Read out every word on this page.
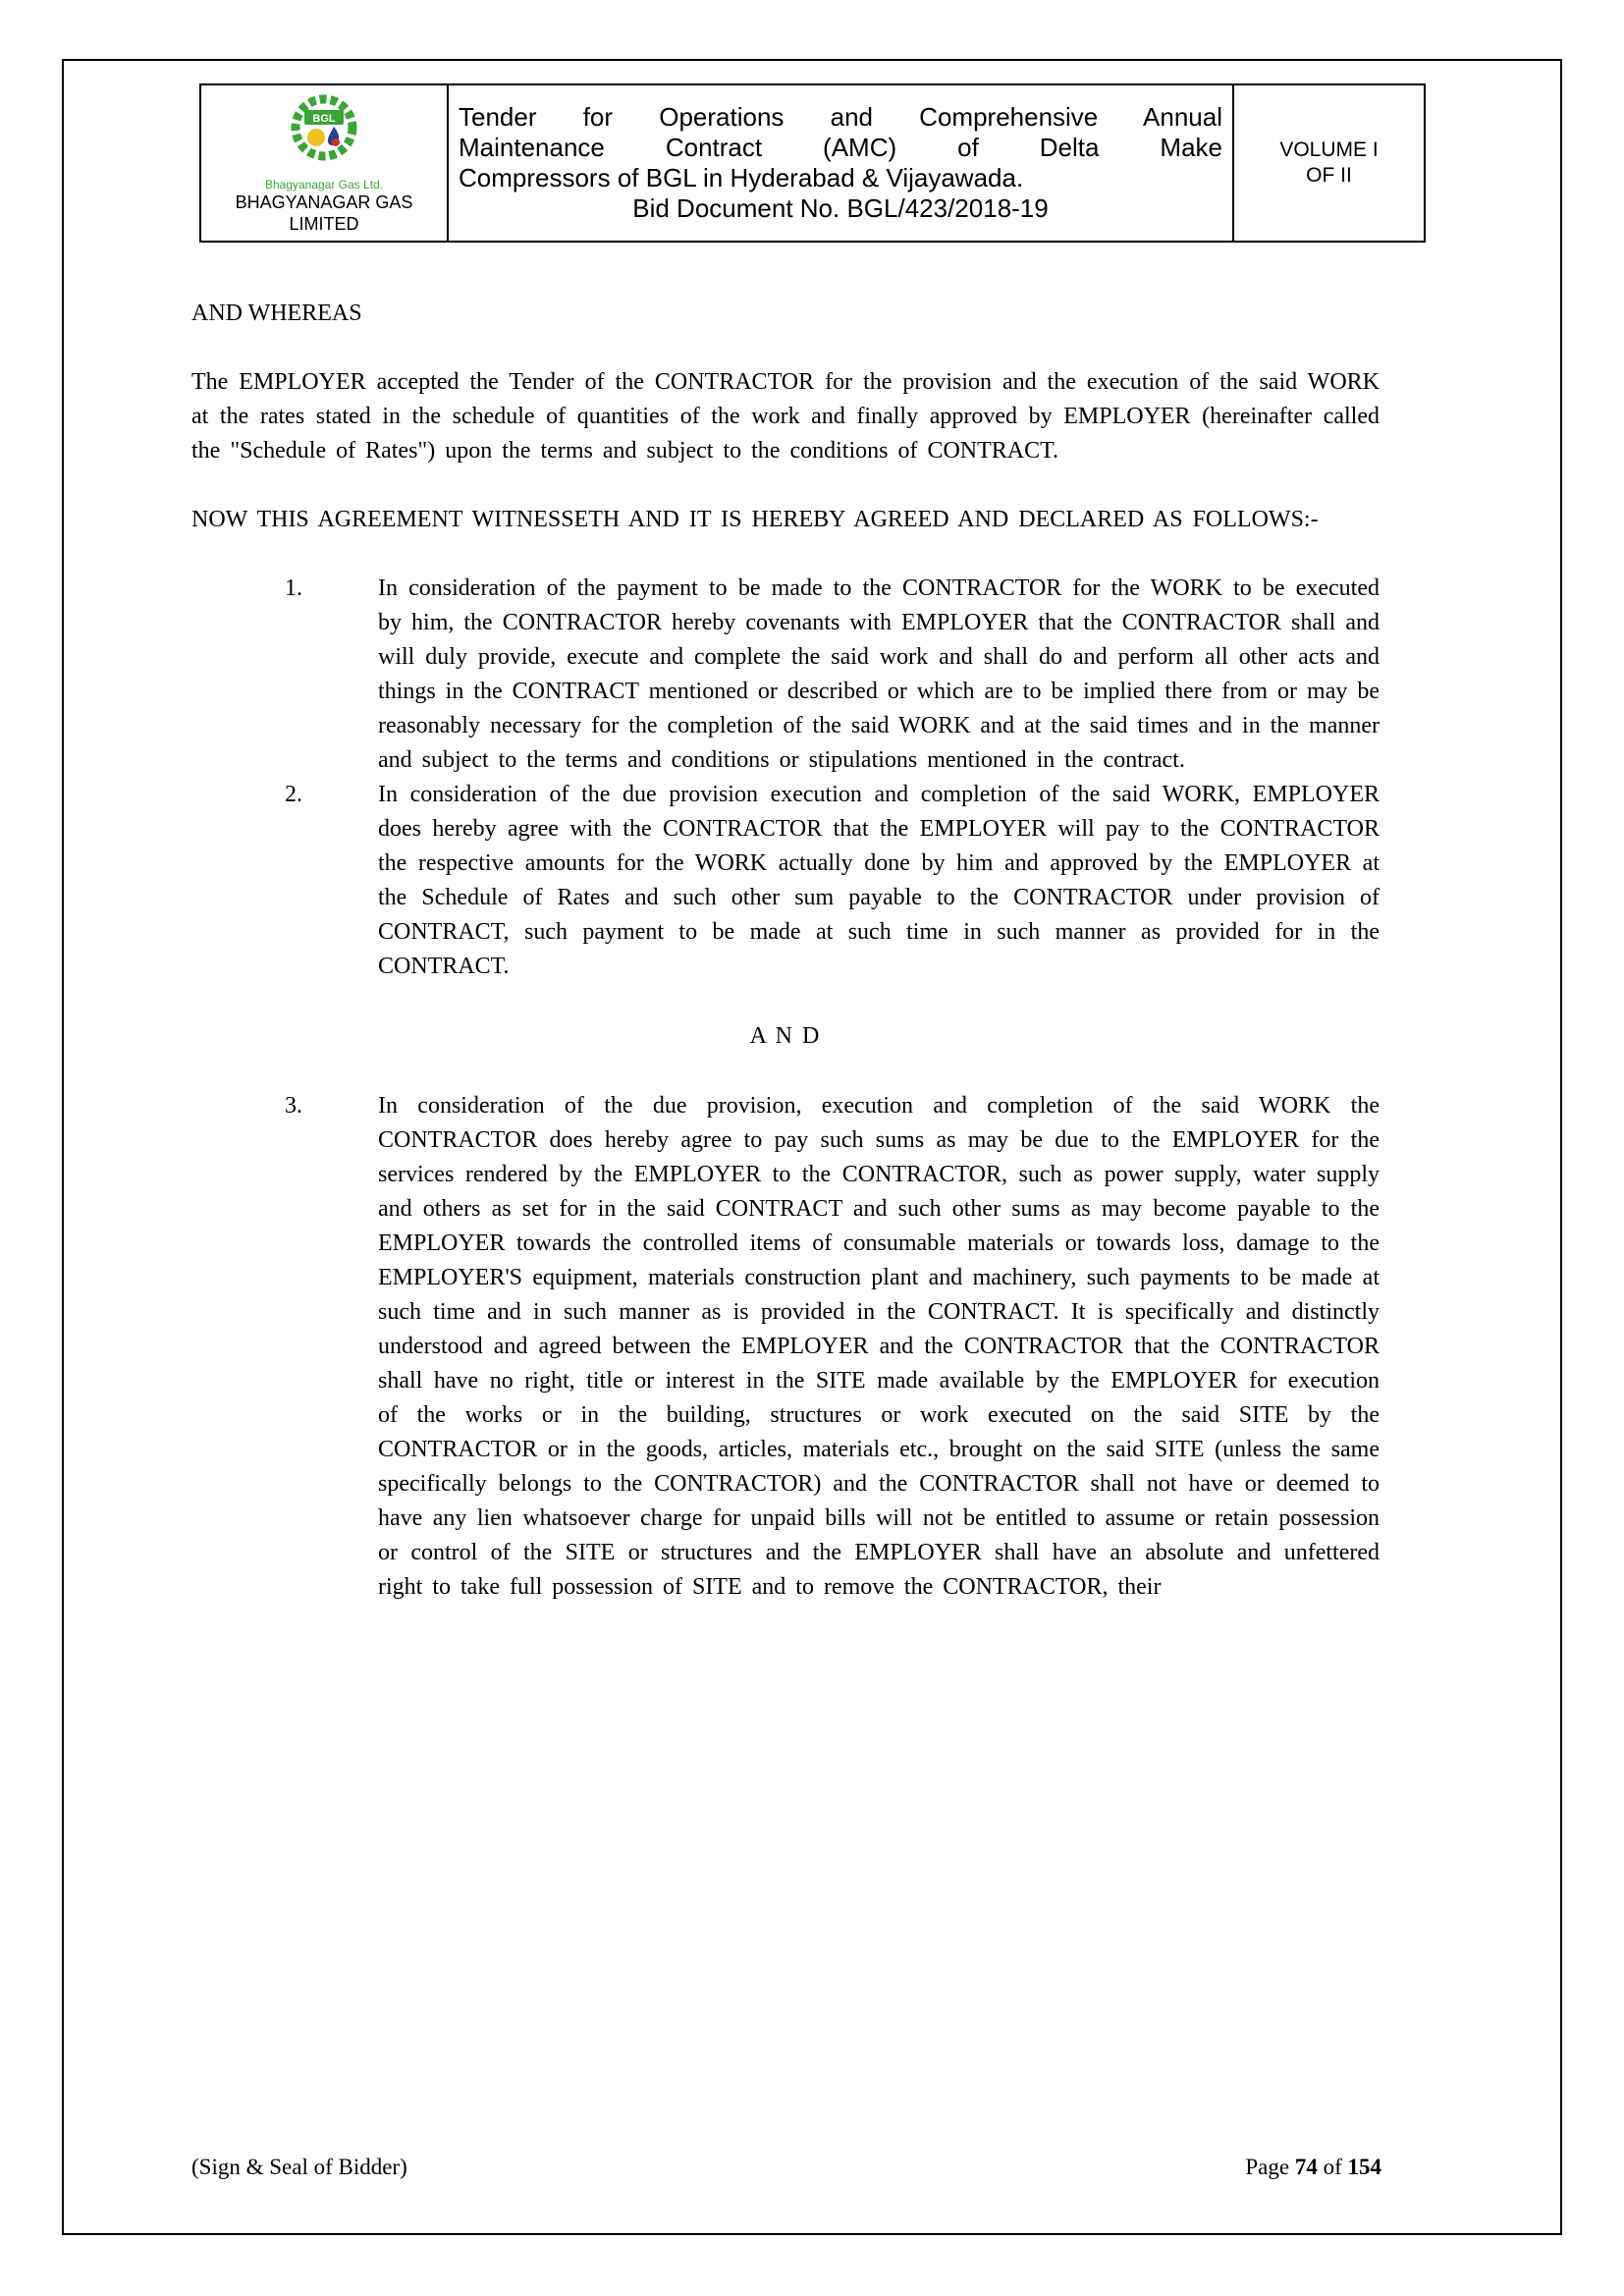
BGL
Bhagyanagar Gas Ltd.
BHAGYANAGAR GAS
LIMITED

Tender for Operations and Comprehensive Annual
Maintenance Contract (AMC) of Delta Make
Compressors of BGL in Hyderabad & Vijayawada.
Bid Document No. BGL/423/2018-19

VOLUME I
OF II
AND WHEREAS

The EMPLOYER accepted the Tender of the CONTRACTOR for the provision and the execution of the said WORK at the rates stated in the schedule of quantities of the work and finally approved by EMPLOYER (hereinafter called the "Schedule of Rates") upon the terms and subject to the conditions of CONTRACT.

NOW THIS AGREEMENT WITNESSETH AND IT IS HEREBY AGREED AND DECLARED AS FOLLOWS:-

1.	In consideration of the payment to be made to the CONTRACTOR for the WORK to be executed by him, the CONTRACTOR hereby covenants with EMPLOYER that the CONTRACTOR shall and will duly provide, execute and complete the said work and shall do and perform all other acts and things in the CONTRACT mentioned or described or which are to be implied there from or may be reasonably necessary for the completion of the said WORK and at the said times and in the manner and subject to the terms and conditions or stipulations mentioned in the contract.
2.	In consideration of the due provision execution and completion of the said WORK, EMPLOYER does hereby agree with the CONTRACTOR that the EMPLOYER will pay to the CONTRACTOR the respective amounts for the WORK actually done by him and approved by the EMPLOYER at the Schedule of Rates and such other sum payable to the CONTRACTOR under provision of CONTRACT, such payment to be made at such time in such manner as provided for in the CONTRACT.
A N D
3.	In consideration of the due provision, execution and completion of the said WORK the CONTRACTOR does hereby agree to pay such sums as may be due to the EMPLOYER for the services rendered by the EMPLOYER to the CONTRACTOR, such as power supply, water supply and others as set for in the said CONTRACT and such other sums as may become payable to the EMPLOYER towards the controlled items of consumable materials or towards loss, damage to the EMPLOYER'S equipment, materials construction plant and machinery, such payments to be made at such time and in such manner as is provided in the CONTRACT. It is specifically and distinctly understood and agreed between the EMPLOYER and the CONTRACTOR that the CONTRACTOR shall have no right, title or interest in the SITE made available by the EMPLOYER for execution of the works or in the building, structures or work executed on the said SITE by the CONTRACTOR or in the goods, articles, materials etc., brought on the said SITE (unless the same specifically belongs to the CONTRACTOR) and the CONTRACTOR shall not have or deemed to have any lien whatsoever charge for unpaid bills will not be entitled to assume or retain possession or control of the SITE or structures and the EMPLOYER shall have an absolute and unfettered right to take full possession of SITE and to remove the CONTRACTOR, their
(Sign & Seal of Bidder)	Page 74 of 154
